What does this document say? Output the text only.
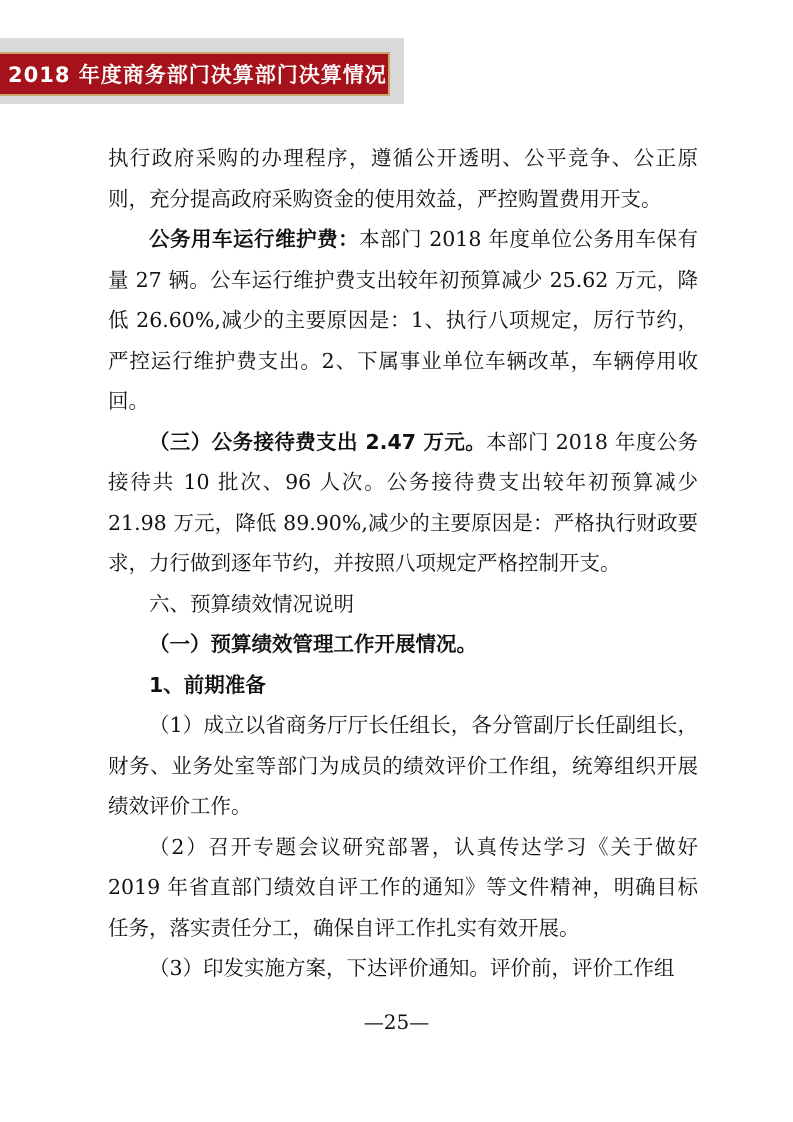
2018 年度商务部门决算部门决算情况

执行政府采购的办理程序，遵循公开透明、公平竞争、公正原则，充分提高政府采购资金的使用效益，严控购置费用开支。

公务用车运行维护费：本部门 2018 年度单位公务用车保有量 27 辆。公车运行维护费支出较年初预算减少 25.62 万元，降低 26.60%,减少的主要原因是：1、执行八项规定，厉行节约，严控运行维护费支出。2、下属事业单位车辆改革，车辆停用收回。

（三）公务接待费支出 2.47 万元。本部门 2018 年度公务接待共 10 批次、96 人次。公务接待费支出较年初预算减少 21.98 万元，降低 89.90%,减少的主要原因是：严格执行财政要求，力行做到逐年节约，并按照八项规定严格控制开支。

六、预算绩效情况说明

（一）预算绩效管理工作开展情况。

1、前期准备

（1）成立以省商务厅厅长任组长，各分管副厅长任副组长，财务、业务处室等部门为成员的绩效评价工作组，统筹组织开展绩效评价工作。

（2）召开专题会议研究部署，认真传达学习《关于做好 2019 年省直部门绩效自评工作的通知》等文件精神，明确目标任务，落实责任分工，确保自评工作扎实有效开展。

（3）印发实施方案，下达评价通知。评价前，评价工作组

—25—
